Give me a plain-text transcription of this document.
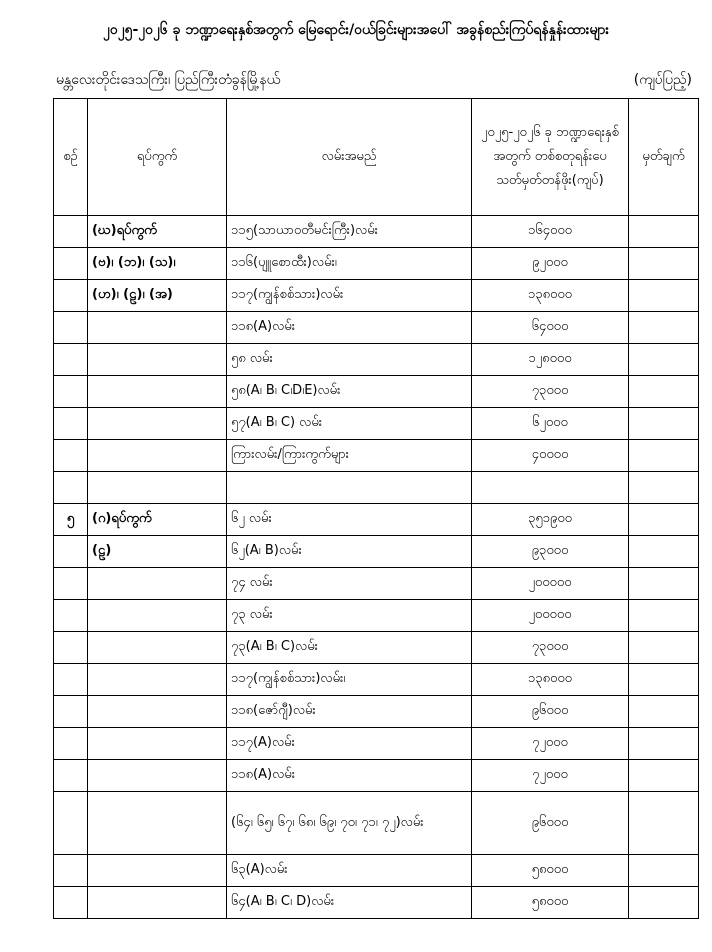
၂၀၂၅-၂၀၂၆ ခု ဘဏ္ဍာရေးနှစ်အတွက် မြေရောင်း/ဝယ်ခြင်းများအပေါ် အခွန်စည်းကြပ်ရန်နှုန်းထားများ
မန္တလေးတိုင်းဒေသကြီး၊ ပြည်ကြီးတံခွန်မြို့နယ်	(ကျပ်ပြည့်)
စဉ်	ရပ်ကွက်	လမ်းအမည်	၂၀၂၅-၂၀၂၆ ခု ဘဏ္ဍာရေးနှစ်အတွက် တစ်စတုရန်းပေ သတ်မှတ်တန်ဖိုး(ကျပ်)	မှတ်ချက်
	(ဃ)ရပ်ကွက်	၁၁၅(သာယာဝတီမင်းကြီး)လမ်း	၁၆၄၀၀၀	
	(ဗ)၊ (ဘ)၊ (သ)၊	၁၁၆(ပျူစောထီး)လမ်း၊	၉၂၀၀၀	
	(ဟ)၊ (ဠ)၊ (အ)	၁၁၇(ကျွန်စစ်သား)လမ်း	၁၃၈၀၀၀	
		၁၁၈(A)လမ်း	၆၄၀၀၀	
		၅၈ လမ်း	၁၂၈၀၀၀	
		၅၈(A၊ B၊ C၊D၊E)လမ်း	၇၃၀၀၀	
		၅၇(A၊ B၊ C) လမ်း	၆၂၀၀၀	
		ကြားလမ်း/ကြားကွက်များ	၄၀၀၀၀	

၅	(ဂ)ရပ်ကွက်	၆၂ လမ်း	၃၅၁၉၀၀	
	(ဠ)	၆၂(A၊ B)လမ်း	၉၃၀၀၀	
		၇၄ လမ်း	၂၀၀၀၀၀	
		၇၃ လမ်း	၂၀၀၀၀၀	
		၇၃(A၊ B၊ C)လမ်း	၇၃၀၀၀	
		၁၁၇(ကျွန်စစ်သား)လမ်း၊	၁၃၈၀၀၀	
		၁၁၈(ဇော်ဂျီ)လမ်း	၉၆၀၀၀	
		၁၁၇(A)လမ်း	၇၂၀၀၀	
		၁၁၈(A)လမ်း	၇၂၀၀၀	

		(၆၄၊ ၆၅၊ ၆၇၊ ၆၈၊ ၆၉၊ ၇၀၊ ၇၁၊ ၇၂)လမ်း	၉၆၀၀၀	
		၆၃(A)လမ်း	၅၈၀၀၀	
		၆၄(A၊ B၊ C၊ D)လမ်း	၅၈၀၀၀	
